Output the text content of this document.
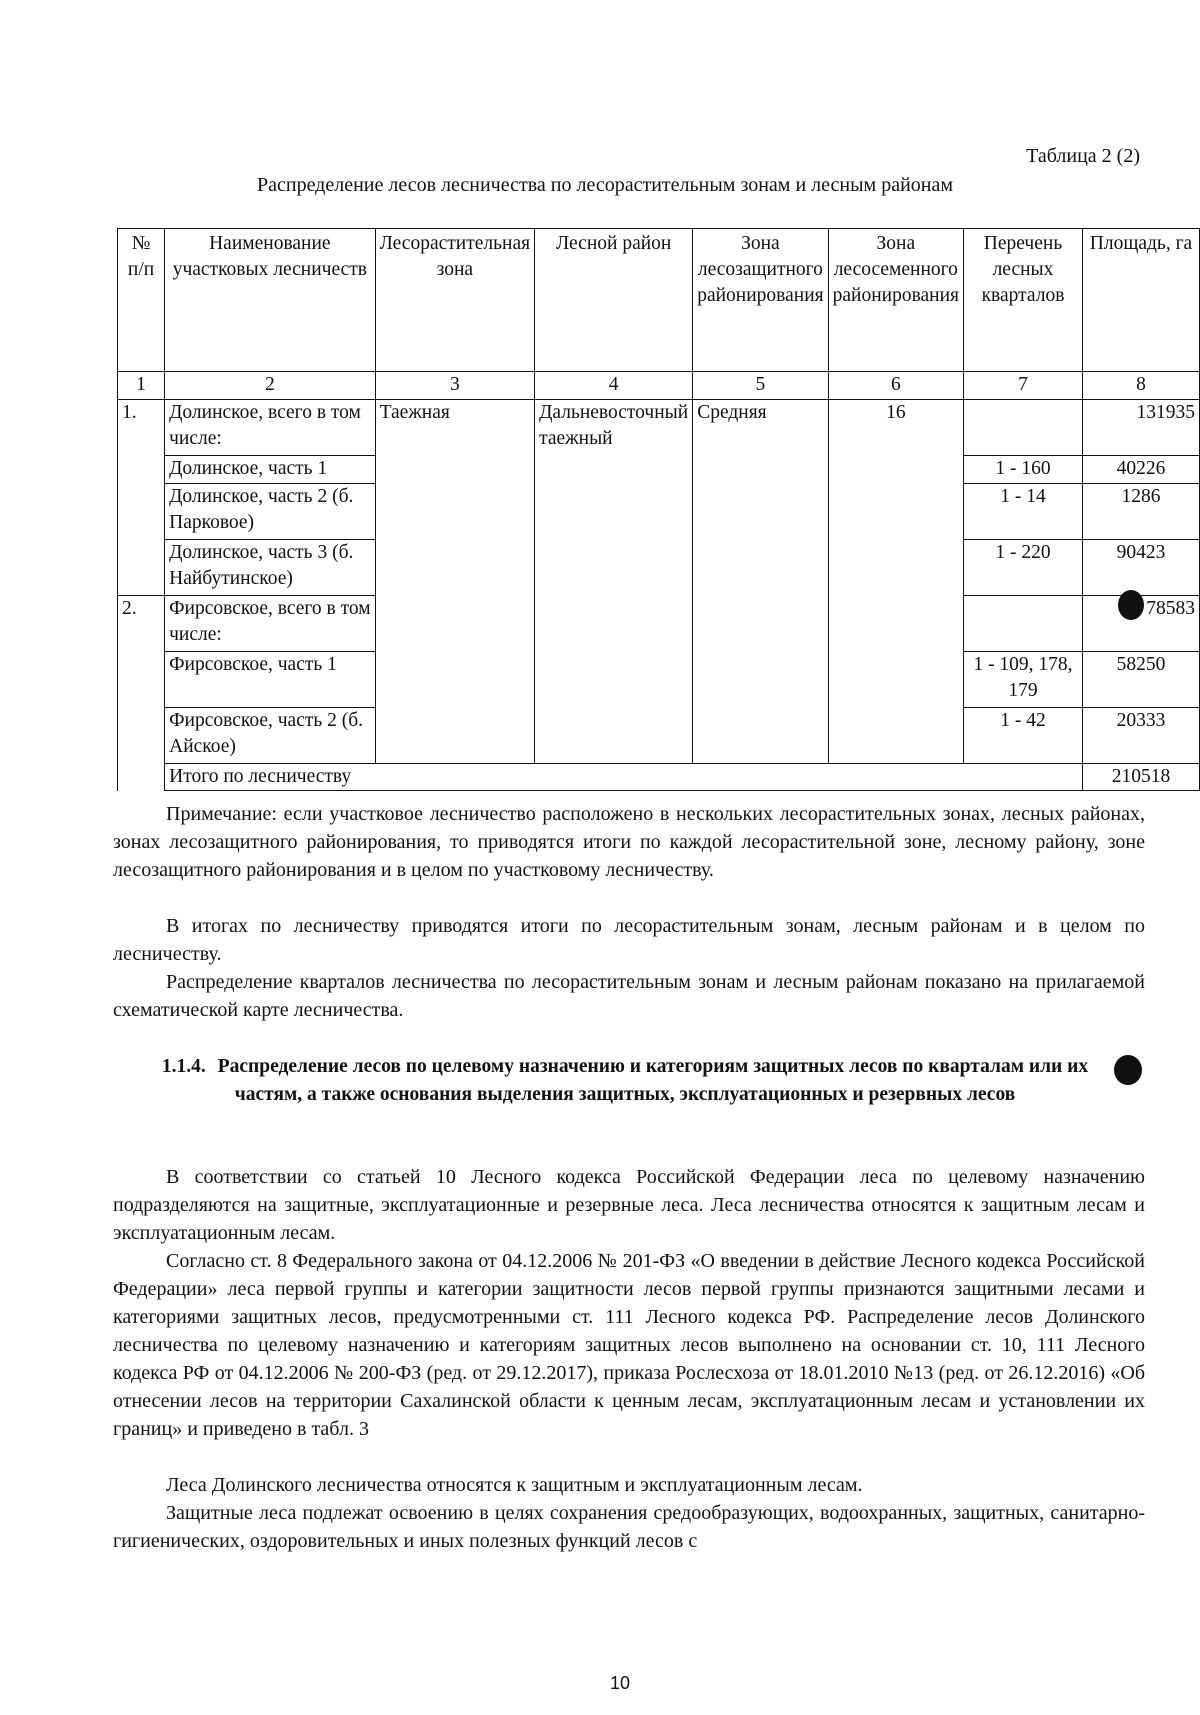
Таблица 2 (2)
Распределение лесов лесничества по лесорастительным зонам и лесным районам
№ п/п	Наименование участковых лесничеств	Лесорастительная зона	Лесной район	Зона лесозащитного районирования	Зона лесосеменного районирования	Перечень лесных кварталов	Площадь, га
1	2	3	4	5	6	7	8
1.	Долинское, всего в том числе:	Таежная	Дальневосточный таежный	Средняя	16		131935
	Долинское, часть 1					1 - 160	40226
	Долинское, часть 2 (б. Парковое)					1 - 14	1286
	Долинское, часть 3 (б. Найбутинское)					1 - 220	90423
2.	Фирсовское, всего в том числе:						78583
	Фирсовское, часть 1					1 - 109, 178, 179	58250
	Фирсовское, часть 2 (б. Айское)					1 - 42	20333
	Итого по лесничеству						210518

Примечание: если участковое лесничество расположено в нескольких лесорастительных зонах, лесных районах, зонах лесозащитного районирования, то приводятся итоги по каждой лесорастительной зоне, лесному району, зоне лесозащитного районирования и в целом по участковому лесничеству.

В итогах по лесничеству приводятся итоги по лесорастительным зонам, лесным районам и в целом по лесничеству.

Распределение кварталов лесничества по лесорастительным зонам и лесным районам показано на прилагаемой схематической карте лесничества.

1.1.4. Распределение лесов по целевому назначению и категориям защитных лесов по кварталам или их частям, а также основания выделения защитных, эксплуатационных и резервных лесов

В соответствии со статьей 10 Лесного кодекса Российской Федерации леса по целевому назначению подразделяются на защитные, эксплуатационные и резервные леса. Леса лесничества относятся к защитным лесам и эксплуатационным лесам.

Согласно ст. 8 Федерального закона от 04.12.2006 № 201-ФЗ «О введении в действие Лесного кодекса Российской Федерации» леса первой группы и категории защитности лесов первой группы признаются защитными лесами и категориями защитных лесов, предусмотренными ст. 111 Лесного кодекса РФ. Распределение лесов Долинского лесничества по целевому назначению и категориям защитных лесов выполнено на основании ст. 10, 111 Лесного кодекса РФ от 04.12.2006 № 200-ФЗ (ред. от 29.12.2017), приказа Рослесхоза от 18.01.2010 №13 (ред. от 26.12.2016) «Об отнесении лесов на территории Сахалинской области к ценным лесам, эксплуатационным лесам и установлении их границ» и приведено в табл. 3

Леса Долинского лесничества относятся к защитным и эксплуатационным лесам.

Защитные леса подлежат освоению в целях сохранения средообразующих, водоохранных, защитных, санитарно-гигиенических, оздоровительных и иных полезных функций лесов с

10
